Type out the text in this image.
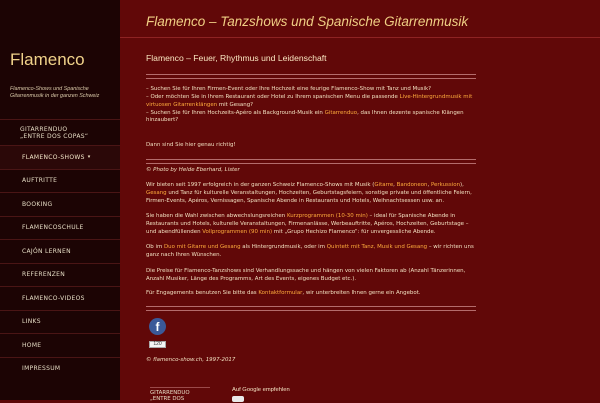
Flamenco
Flamenco-Shows und Spanische Gitarrenmusik in der ganzen Schweiz
GITARRENDUO
„ENTRE DOS COPAS“
FLAMENCO-SHOWS ▾
AUFTRITTE
BOOKING
FLAMENCOSCHULE
CAJÓN LERNEN
REFERENZEN
FLAMENCO-VIDEOS
LINKS
HOME
IMPRESSUM
Flamenco – Tanzshows und Spanische Gitarrenmusik
Flamenco – Feuer, Rhythmus und Leidenschaft

– Suchen Sie für Ihren Firmen-Event oder Ihre Hochzeit eine feurige Flamenco-Show mit Tanz und Musik?
– Oder möchten Sie in Ihrem Restaurant oder Hotel zu Ihrem spanischen Menu die passende Live-Hintergrundmusik mit virtuosen Gitarrenklängen mit Gesang?
– Suchen Sie für Ihren Hochzeits-Apéro als Background-Musik ein Gitarrenduo, das Ihnen dezente spanische Klängen hinzaubert?

Dann sind Sie hier genau richtig!

© Photo by Helde Eberhard, Lister

Wir bieten seit 1997 erfolgreich in der ganzen Schweiz Flamenco-Shows mit Musik (Gitarre, Bandoneon, Perkussion), Gesang und Tanz für kulturelle Veranstaltungen, Hochzeiten, Geburtstagsfeiern, sonstige private und öffentliche Feiern, Firmen-Events, Apéros, Vernissagen, Spanische Abende in Restaurants und Hotels, Weihnachtsessen usw. an.

Sie haben die Wahl zwischen abwechslungsreichen Kurzprogrammen (10-30 min) – ideal für Spanische Abende in Restaurants und Hotels, kulturelle Veranstaltungen, Firmenanlässe, Werbeauftritte, Apéros, Hochzeiten, Geburtstage – und abendfüllenden Vollprogrammen (90 min) mit „Grupo Hechizo Flamenco“: für unvergessliche Abende.

Ob im Duo mit Gitarre und Gesang als Hintergrundmusik, oder im Quintett mit Tanz, Musik und Gesang – wir richten uns ganz nach Ihren Wünschen.

Die Preise für Flamenco-Tanzshows sind Verhandlungssache und hängen von vielen Faktoren ab (Anzahl Tänzerinnen, Anzahl Musiker, Länge des Programms, Art des Events, eigenes Budget etc.).

Für Engagements benutzen Sie bitte das Kontaktformular, wir unterbreiten Ihnen gerne ein Angebot.

f
120

© flamenco-show.ch, 1997-2017

GITARRENDUO
„ENTRE DOS
Auf Google empfehlen
